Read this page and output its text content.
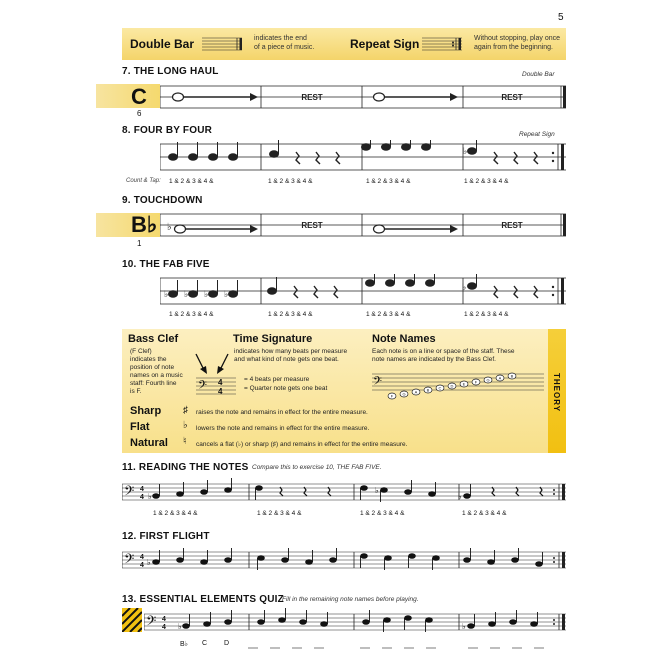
5
Double Bar	indicates the end
of a piece of music.	Repeat Sign	Without stopping, play once
again from the beginning.
7. THE LONG HAUL	Double Bar
C
6
REST	REST
8. FOUR BY FOUR	Repeat Sign
♭
Count & Tap: 1 & 2 & 3 & 4 &	1 & 2 & 3 & 4 &	1 & 2 & 3 & 4 &	1 & 2 & 3 & 4 &
9. TOUCHDOWN
B♭
1
♭	REST	REST
10. THE FAB FIVE
♭ ♭ ♭ ♭
♭
1 & 2 & 3 & 4 &	1 & 2 & 3 & 4 &	1 & 2 & 3 & 4 &	1 & 2 & 3 & 4 &
THEORY
Bass Clef
(F Clef)
indicates the
position of note
names on a music
staff: Fourth line
is F.	𝄢 4
4
Time Signature
indicates how many beats per measure
and what kind of note gets one beat.
= 4 beats per measure
= Quarter note gets one beat
Note Names
Each note is on a line or space of the staff. These
note names are indicated by the Bass Clef.
𝄢
F G A B C D E F G A B
Sharp ♯ raises the note and remains in effect for the entire measure.
Flat	♭ lowers the note and remains in effect for the entire measure.
Natural ♮ cancels a flat (♭) or sharp (♯) and remains in effect for the entire measure.
11. READING THE NOTES Compare this to exercise 10, THE FAB FIVE.
𝄢 4
4 ♭
♭
♭
1 & 2 & 3 & 4 &	1 & 2 & 3 & 4 &	1 & 2 & 3 & 4 &	1 & 2 & 3 & 4 &
12. FIRST FLIGHT
𝄢 4
4 ♭
13. ESSENTIAL ELEMENTS QUIZ
Fill in the remaining note names before playing.
𝄢 4
4 ♭	♭
B♭ C D
